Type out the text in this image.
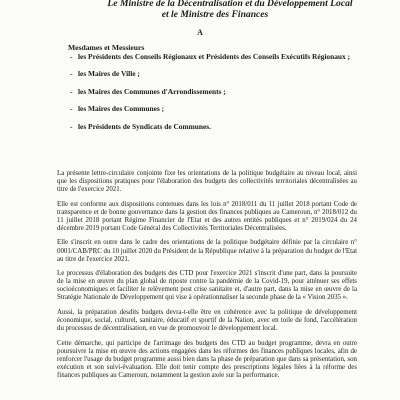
Le Ministre de la Décentralisation et du Développement Local
et le Ministre des Finances
A
Mesdames et Messieurs
- les Présidents des Conseils Régionaux et Présidents des Conseils Exécutifs Régionaux ;
- les Maires de Ville ;
- les Maires des Communes d'Arrondissements ;
- les Maires des Communes ;
- les Présidents de Syndicats de Communes.

La présente lettre-circulaire conjointe fixe les orientations de la politique budgétaire au niveau local, ainsi que les dispositions pratiques pour l'élaboration des budgets des collectivités territoriales décentralisées au titre de l'exercice 2021.

Elle est conforme aux dispositions contenues dans les lois n° 2018/011 du 11 juillet 2018 portant Code de transparence et de bonne gouvernance dans la gestion des finances publiques au Cameroun, n° 2018/012 du 11 juillet 2018 portant Régime Financier de l'Etat et des autres entités publiques et n° 2019/024 du 24 décembre 2019 portant Code Général des Collectivités Territoriales Décentralisées.

Elle s'inscrit en outre dans le cadre des orientations de la politique budgétaire définie par la circulaire n° 0001/CAB/PRC du 10 juillet 2020 du Président de la République relative à la préparation du budget de l'Etat au titre de l'exercice 2021.

Le processus d'élaboration des budgets des CTD pour l'exercice 2021 s'inscrit d'une part, dans la poursuite de la mise en œuvre du plan global de riposte contre la pandémie de la Covid-19, pour atténuer ses effets socioéconomiques et faciliter le relèvement post crise sanitaire et, d'autre part, dans la mise en œuvre de la Stratégie Nationale de Développement qui vise à opérationnaliser la seconde phase de la « Vision 2035 ».

Aussi, la préparation desdits budgets devra-t-elle être en cohérence avec la politique de développement économique, social, culturel, sanitaire, éducatif et sportif de la Nation, avec en toile de fond, l'accélération du processus de décentralisation, en vue de promouvoir le développement local.

Cette démarche, qui participe de l'arrimage des budgets des CTD au budget programme, devra en outre poursuivre la mise en œuvre des actions engagées dans les réformes des finances publiques locales, afin de renforcer l'usage du budget programme aussi bien dans la phase de préparation que dans sa présentation, son exécution et son suivi-évaluation. Elle doit tenir compte des prescriptions légales liées à la réforme des finances publiques au Cameroun, notamment la gestion axée sur la performance.
